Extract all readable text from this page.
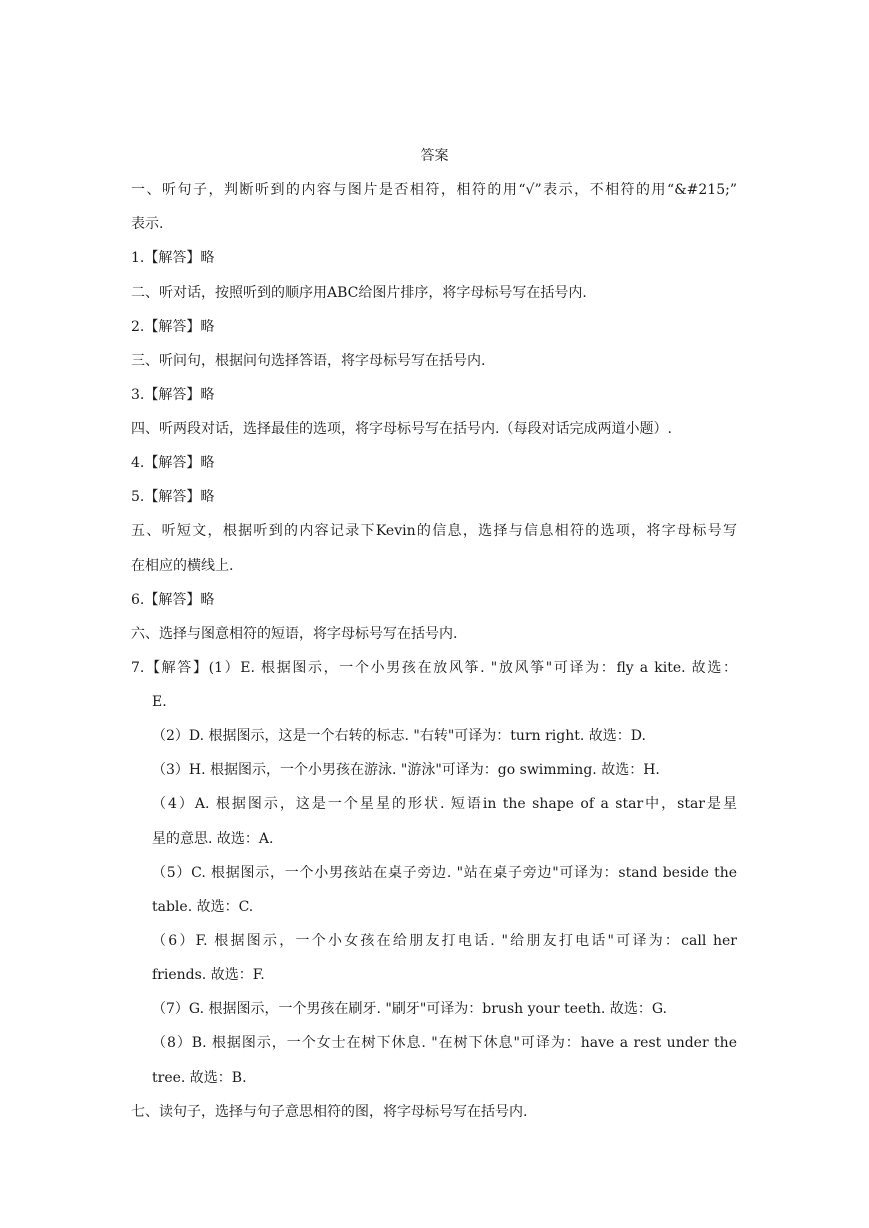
答案
一、听句子，判断听到的内容与图片是否相符，相符的用“√”表示，不相符的用“&#215;”
表示.
1.【解答】略
二、听对话，按照听到的顺序用ABC给图片排序，将字母标号写在括号内.
2.【解答】略
三、听问句，根据问句选择答语，将字母标号写在括号内.
3.【解答】略
四、听两段对话，选择最佳的选项，将字母标号写在括号内.（每段对话完成两道小题）.
4.【解答】略
5.【解答】略
五、听短文，根据听到的内容记录下Kevin的信息，选择与信息相符的选项，将字母标号写
在相应的横线上.
6.【解答】略
六、选择与图意相符的短语，将字母标号写在括号内.
7.【解答】(1）E. 根据图示，一个小男孩在放风筝. "放风筝"可译为：fly a kite. 故选：
E.
（2）D. 根据图示，这是一个右转的标志. "右转"可译为：turn right. 故选：D.
（3）H. 根据图示，一个小男孩在游泳. "游泳"可译为：go swimming. 故选：H.
（4）A. 根据图示，这是一个星星的形状. 短语in the shape of a star中，star是星
星的意思. 故选：A.
（5）C. 根据图示，一个小男孩站在桌子旁边. "站在桌子旁边"可译为：stand beside the
table. 故选：C.
（6）F. 根据图示，一个小女孩在给朋友打电话. "给朋友打电话"可译为：call her
friends. 故选：F.
（7）G. 根据图示，一个男孩在刷牙. "刷牙"可译为：brush your teeth. 故选：G.
（8）B. 根据图示，一个女士在树下休息. "在树下休息"可译为：have a rest under the
tree. 故选：B.
七、读句子，选择与句子意思相符的图，将字母标号写在括号内.
